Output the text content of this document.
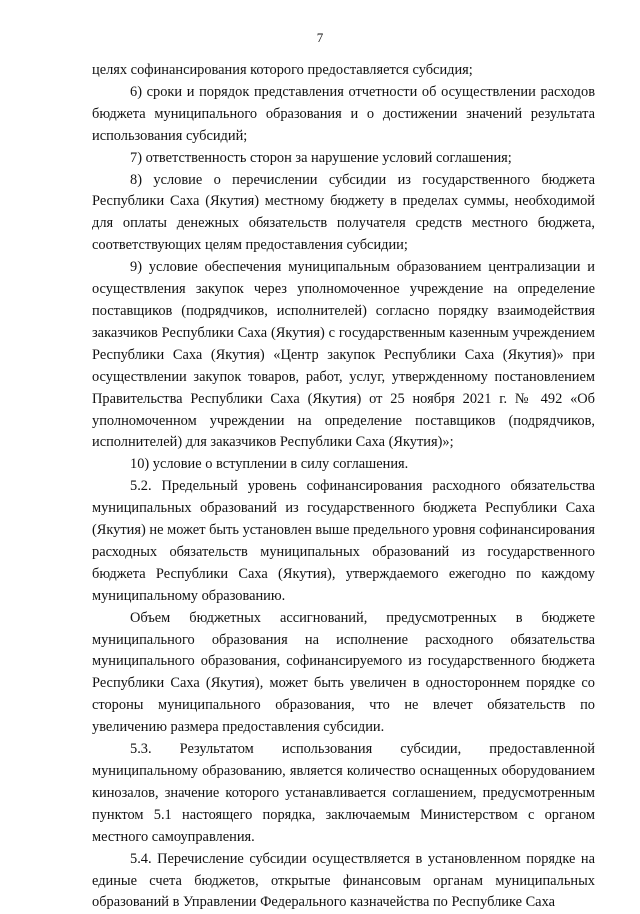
7

целях софинансирования которого предоставляется субсидия;

6) сроки и порядок представления отчетности об осуществлении расходов бюджета муниципального образования и о достижении значений результата использования субсидий;

7) ответственность сторон за нарушение условий соглашения;

8) условие о перечислении субсидии из государственного бюджета Республики Саха (Якутия) местному бюджету в пределах суммы, необходимой для оплаты денежных обязательств получателя средств местного бюджета, соответствующих целям предоставления субсидии;

9) условие обеспечения муниципальным образованием централизации и осуществления закупок через уполномоченное учреждение на определение поставщиков (подрядчиков, исполнителей) согласно порядку взаимодействия заказчиков Республики Саха (Якутия) с государственным казенным учреждением Республики Саха (Якутия) «Центр закупок Республики Саха (Якутия)» при осуществлении закупок товаров, работ, услуг, утвержденному постановлением Правительства Республики Саха (Якутия) от 25 ноября 2021 г. № 492 «Об уполномоченном учреждении на определение поставщиков (подрядчиков, исполнителей) для заказчиков Республики Саха (Якутия)»;

10) условие о вступлении в силу соглашения.

5.2. Предельный уровень софинансирования расходного обязательства муниципальных образований из государственного бюджета Республики Саха (Якутия) не может быть установлен выше предельного уровня софинансирования расходных обязательств муниципальных образований из государственного бюджета Республики Саха (Якутия), утверждаемого ежегодно по каждому муниципальному образованию.

Объем бюджетных ассигнований, предусмотренных в бюджете муниципального образования на исполнение расходного обязательства муниципального образования, софинансируемого из государственного бюджета Республики Саха (Якутия), может быть увеличен в одностороннем порядке со стороны муниципального образования, что не влечет обязательств по увеличению размера предоставления субсидии.

5.3. Результатом использования субсидии, предоставленной муниципальному образованию, является количество оснащенных оборудованием кинозалов, значение которого устанавливается соглашением, предусмотренным пунктом 5.1 настоящего порядка, заключаемым Министерством с органом местного самоуправления.

5.4. Перечисление субсидии осуществляется в установленном порядке на единые счета бюджетов, открытые финансовым органам муниципальных образований в Управлении Федерального казначейства по Республике Саха
